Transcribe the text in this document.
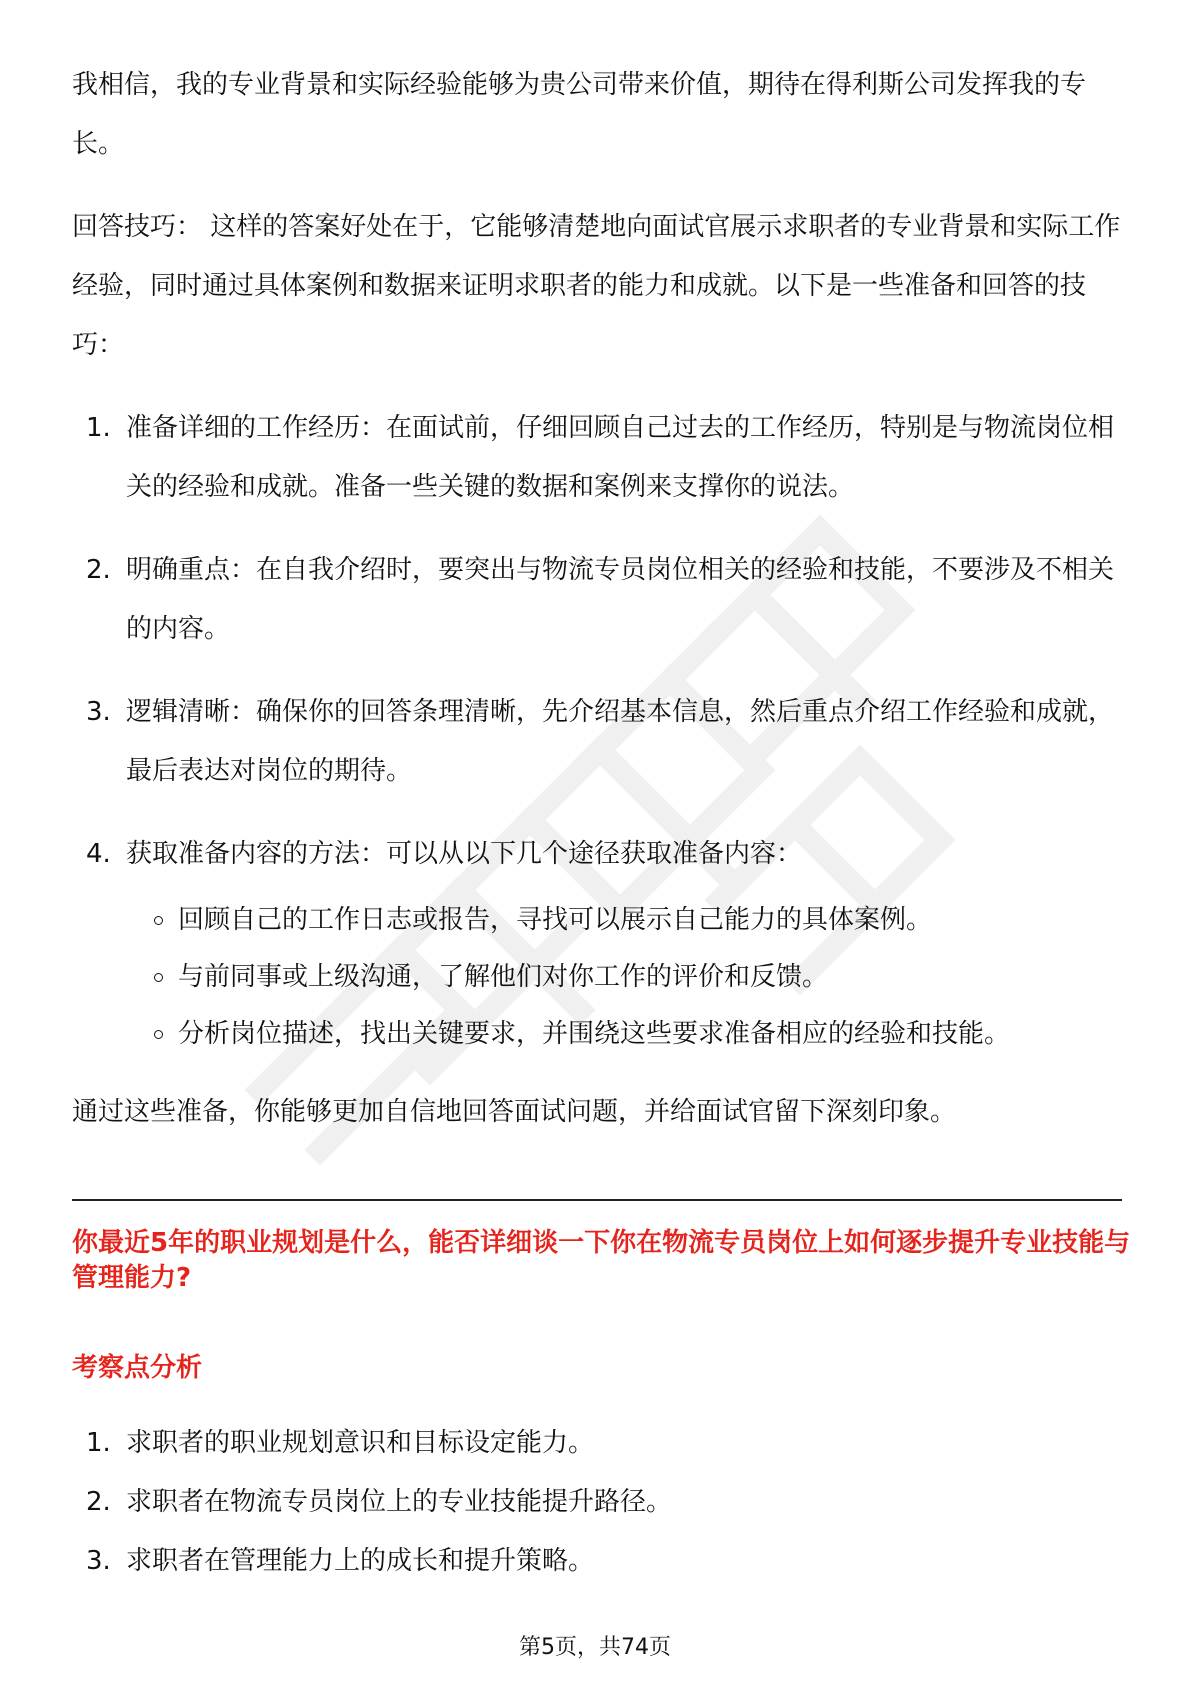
我相信，我的专业背景和实际经验能够为贵公司带来价值，期待在得利斯公司发挥我的专长。

回答技巧： 这样的答案好处在于，它能够清楚地向面试官展示求职者的专业背景和实际工作经验，同时通过具体案例和数据来证明求职者的能力和成就。以下是一些准备和回答的技巧：

1. 准备详细的工作经历：在面试前，仔细回顾自己过去的工作经历，特别是与物流岗位相关的经验和成就。准备一些关键的数据和案例来支撑你的说法。
2. 明确重点：在自我介绍时，要突出与物流专员岗位相关的经验和技能，不要涉及不相关的内容。
3. 逻辑清晰：确保你的回答条理清晰，先介绍基本信息，然后重点介绍工作经验和成就，最后表达对岗位的期待。
4. 获取准备内容的方法：可以从以下几个途径获取准备内容：
回顾自己的工作日志或报告，寻找可以展示自己能力的具体案例。
与前同事或上级沟通，了解他们对你工作的评价和反馈。
分析岗位描述，找出关键要求，并围绕这些要求准备相应的经验和技能。

通过这些准备，你能够更加自信地回答面试问题，并给面试官留下深刻印象。

你最近5年的职业规划是什么，能否详细谈一下你在物流专员岗位上如何逐步提升专业技能与管理能力?
考察点分析
1. 求职者的职业规划意识和目标设定能力。
2. 求职者在物流专员岗位上的专业技能提升路径。
3. 求职者在管理能力上的成长和提升策略。
第5页，共74页
